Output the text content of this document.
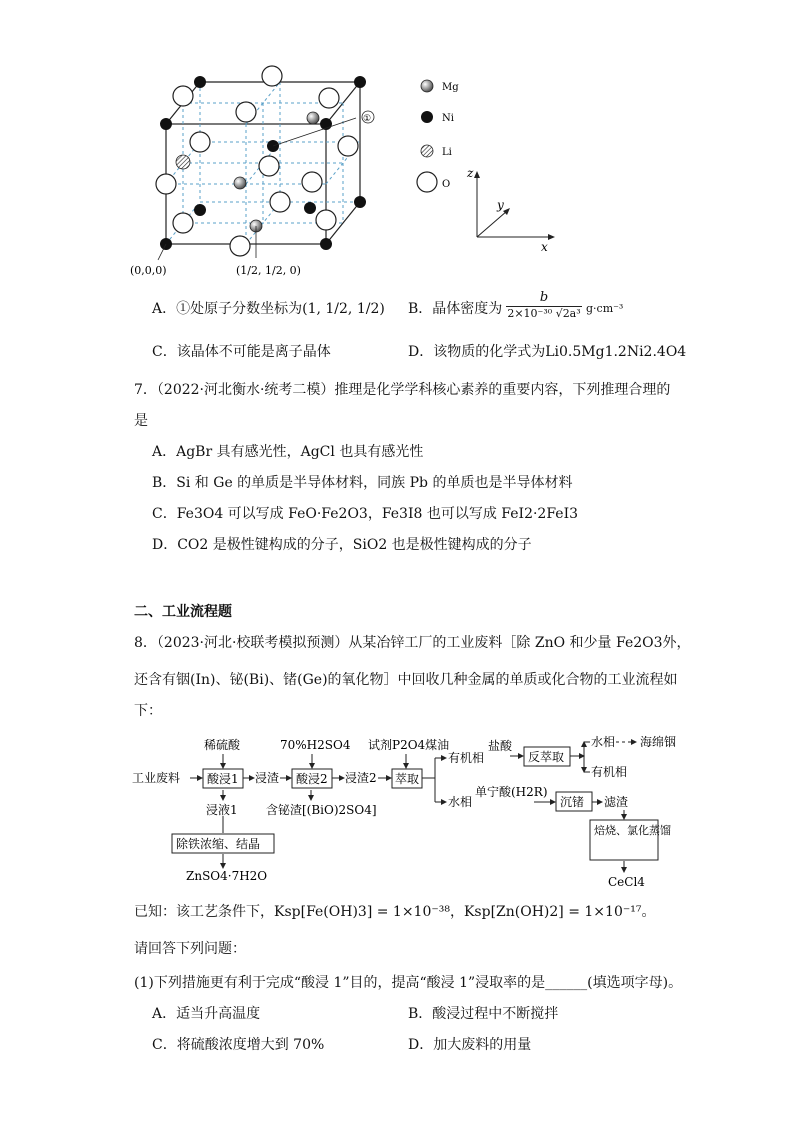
①
(0,0,0)	(1/2, 1/2, 0)
Mg
Ni
Li
O
z
y
x
A．①处原子分数坐标为(1, 1/2, 1/2) B．晶体密度为
b
2×10⁻³⁰ √2a³ g·cm⁻³
C．该晶体不可能是离子晶体	D．该物质的化学式为Li0.5Mg1.2Ni2.4O4
7．（2022·河北衡水·统考二模）推理是化学学科核心素养的重要内容，下列推理合理的
是
A．AgBr 具有感光性，AgCl 也具有感光性
B．Si 和 Ge 的单质是半导体材料，同族 Pb 的单质也是半导体材料
C．Fe3O4 可以写成 FeO·Fe2O3，Fe3I8 也可以写成 FeI2·2FeI3
D．CO2 是极性键构成的分子，SiO2 也是极性键构成的分子
二、工业流程题
8．（2023·河北·校联考模拟预测）从某冶锌工厂的工业废料［除 ZnO 和少量 Fe2O3外，
还含有铟(In)、铋(Bi)、锗(Ge)的氧化物］中回收几种金属的单质或化合物的工业流程如
下：
稀硫酸	70%H2SO4 试剂P2O4煤油
工业废料 酸浸1 浸渣 酸浸2 浸渣2 萃取
有机相
盐酸
反萃取
水相 海绵铟
有机相
水相
单宁酸(H2R)
沉锗 滤渣
浸液1 含铋渣[(BiO)2SO4]
除铁浓缩、结晶
ZnSO4·7H2O
焙烧、氯化蒸馏
CeCl4
已知：该工艺条件下，Ksp[Fe(OH)3] = 1×10⁻³⁸，Ksp[Zn(OH)2] = 1×10⁻¹⁷。
请回答下列问题：
(1)下列措施更有利于完成“酸浸 1”目的，提高“酸浸 1”浸取率的是______(填选项字母)。
A．适当升高温度	B．酸浸过程中不断搅拌
C．将硫酸浓度增大到 70%	D．加大废料的用量
